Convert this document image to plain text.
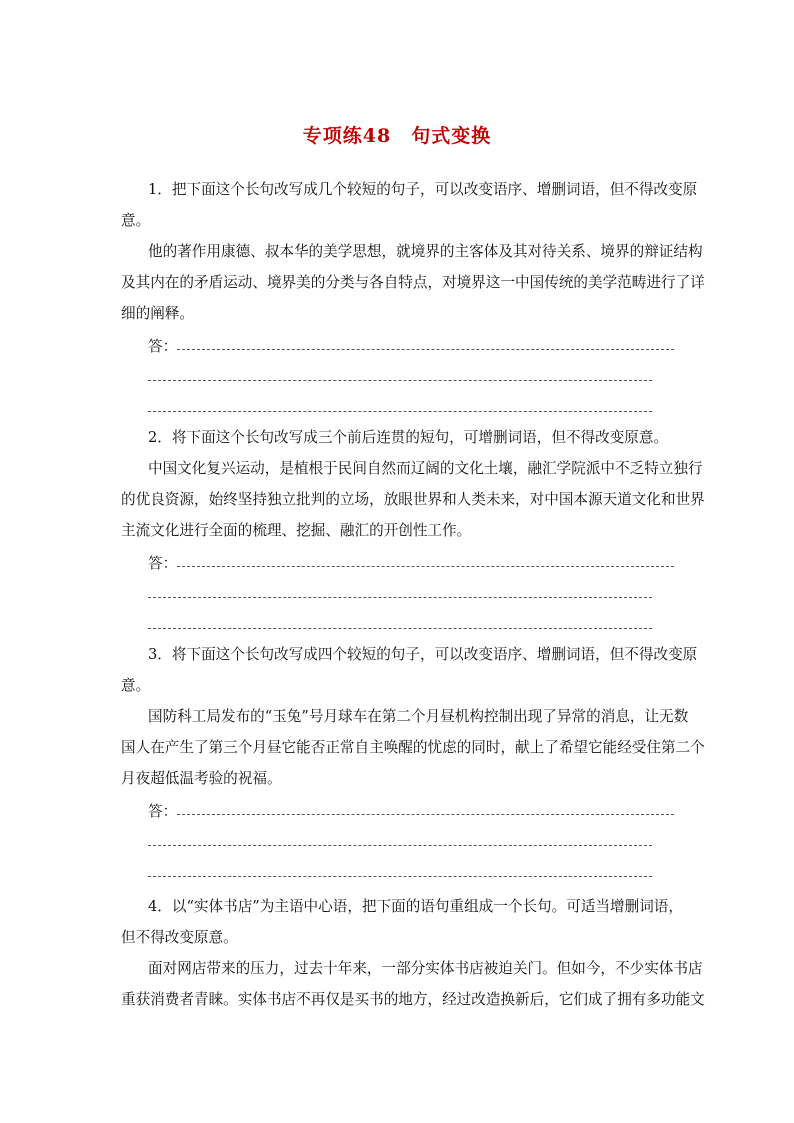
专项练48　句式变换
1．把下面这个长句改写成几个较短的句子，可以改变语序、增删词语，但不得改变原
意。
他的著作用康德、叔本华的美学思想，就境界的主客体及其对待关系、境界的辩证结构
及其内在的矛盾运动、境界美的分类与各自特点，对境界这一中国传统的美学范畴进行了详
细的阐释。
答：
2．将下面这个长句改写成三个前后连贯的短句，可增删词语，但不得改变原意。
中国文化复兴运动，是植根于民间自然而辽阔的文化土壤，融汇学院派中不乏特立独行
的优良资源，始终坚持独立批判的立场，放眼世界和人类未来，对中国本源天道文化和世界
主流文化进行全面的梳理、挖掘、融汇的开创性工作。
答：
3．将下面这个长句改写成四个较短的句子，可以改变语序、增删词语，但不得改变原
意。
国防科工局发布的“玉兔”号月球车在第二个月昼机构控制出现了异常的消息，让无数
国人在产生了第三个月昼它能否正常自主唤醒的忧虑的同时，献上了希望它能经受住第二个
月夜超低温考验的祝福。
答：
4．以“实体书店”为主语中心语，把下面的语句重组成一个长句。可适当增删词语，
但不得改变原意。
面对网店带来的压力，过去十年来，一部分实体书店被迫关门。但如今，不少实体书店
重获消费者青睐。实体书店不再仅是买书的地方，经过改造换新后，它们成了拥有多功能文
